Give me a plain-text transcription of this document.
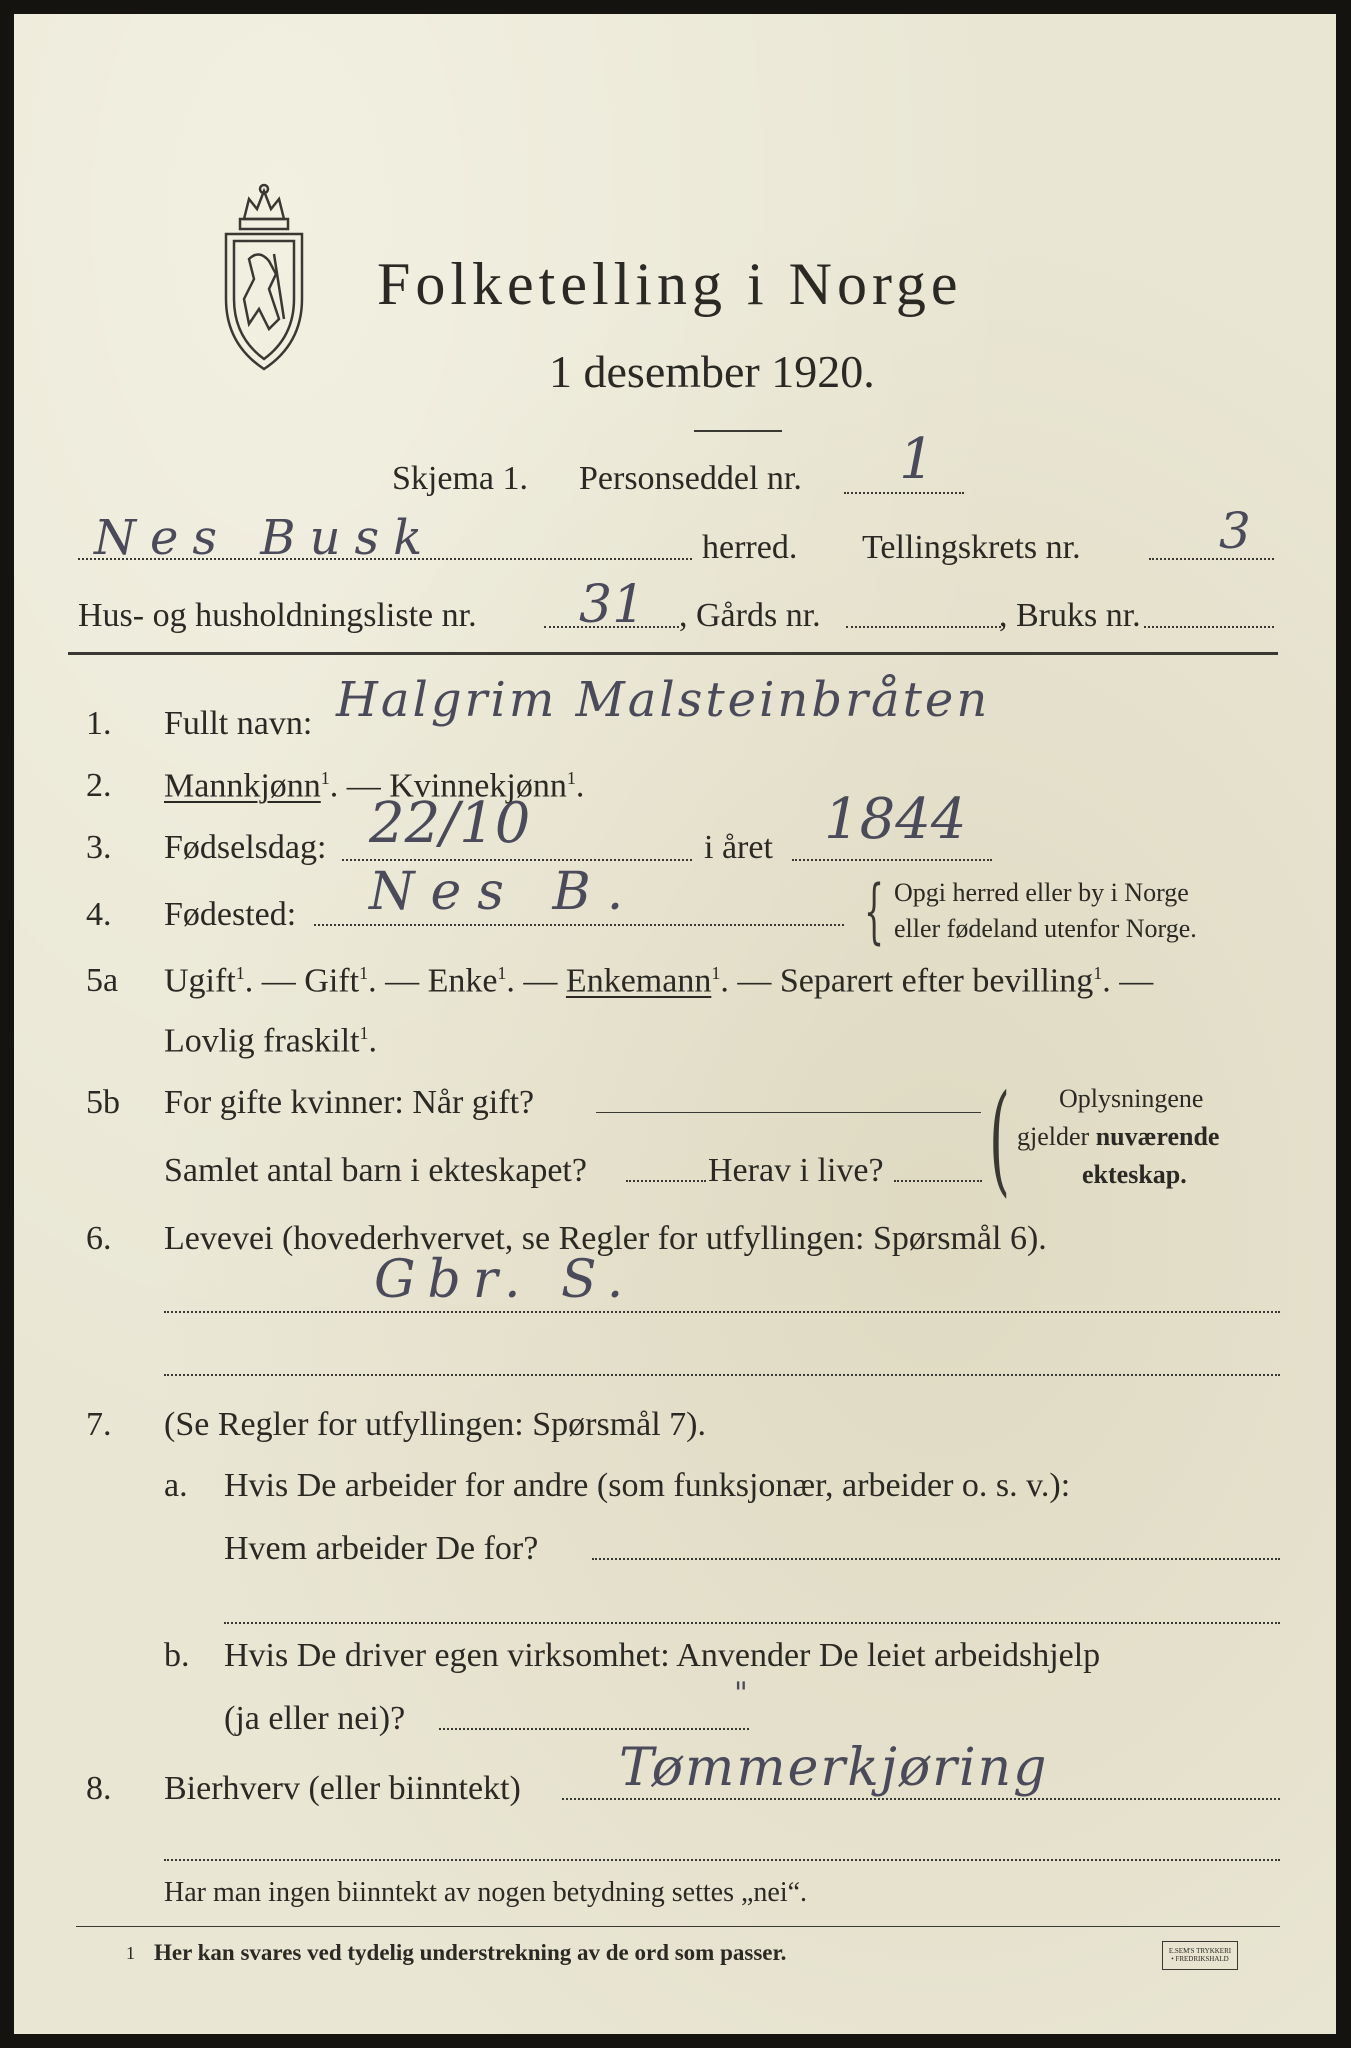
Folketelling i Norge
1 desember 1920.
Skjema 1. Personseddel nr. 1
Nes Busk	herred. Tellingskrets nr.	3
Hus- og husholdningsliste nr. 31 , Gårds nr.	, Bruks nr.
1. Fullt navn: Halgrim Malsteinbråten
2. Mannkjønn$^1$. — Kvinnekjønn$^1$.
3. Fødselsdag: 22/10	i året 1844
4. Fødested: Nes B.	{ Opgi herred eller by i Norge
eller fødeland utenfor Norge.
5a Ugift$^1$. — Gift$^1$. — Enke$^1$. — Enkemann$^1$. — Separert efter bevilling$^1$. —
Lovlig fraskilt$^1$.
5b For gifte kvinner: Når gift?
Samlet antal barn i ekteskapet?	Herav i live? ( Oplysningene
gjelder nuværende
ekteskap.
6. Levevei (hovederhvervet, se Regler for utfyllingen: Spørsmål 6).
Gbr. S.
7. (Se Regler for utfyllingen: Spørsmål 7).
a. Hvis De arbeider for andre (som funksjonær, arbeider o. s. v.):
Hvem arbeider De for?
b. Hvis De driver egen virksomhet: Anvender De leiet arbeidshjelp
(ja eller nei)?
"
8. Bierhverv (eller biinntekt) Tømmerkjøring
Har man ingen biinntekt av nogen betydning settes „nei“.
1 Her kan svares ved tydelig understrekning av de ord som passer.	E.SEM'S TRYKKERI • FREDRIKSHALD
